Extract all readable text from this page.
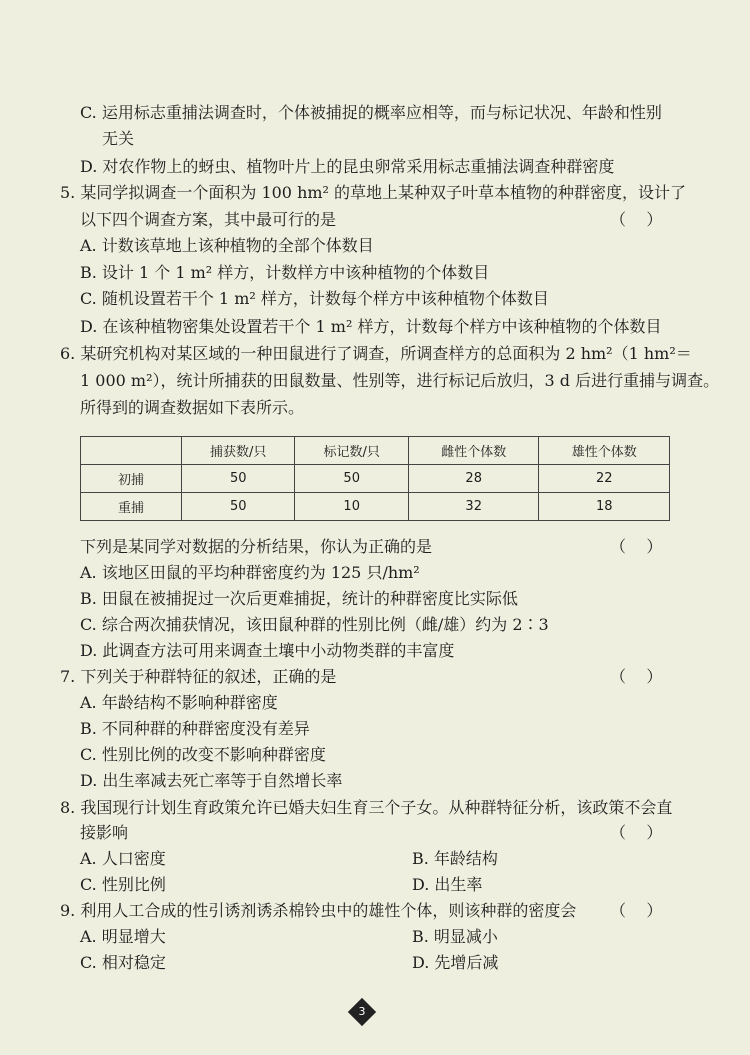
C. 运用标志重捕法调查时，个体被捕捉的概率应相等，而与标记状况、年龄和性别
无关
D. 对农作物上的蚜虫、植物叶片上的昆虫卵常采用标志重捕法调查种群密度
5. 某同学拟调查一个面积为 100 hm² 的草地上某种双子叶草本植物的种群密度，设计了
以下四个调查方案，其中最可行的是	（    ）
A. 计数该草地上该种植物的全部个体数目
B. 设计 1 个 1 m² 样方，计数样方中该种植物的个体数目
C. 随机设置若干个 1 m² 样方，计数每个样方中该种植物个体数目
D. 在该种植物密集处设置若干个 1 m² 样方，计数每个样方中该种植物的个体数目
6. 某研究机构对某区域的一种田鼠进行了调查，所调查样方的总面积为 2 hm²（1 hm²＝
1 000 m²），统计所捕获的田鼠数量、性别等，进行标记后放归，3 d 后进行重捕与调查。
所得到的调查数据如下表所示。
	捕获数/只	标记数/只	雌性个体数	雄性个体数
初捕	50	50	28	22
重捕	50	10	32	18
下列是某同学对数据的分析结果，你认为正确的是	（    ）
A. 该地区田鼠的平均种群密度约为 125 只/hm²
B. 田鼠在被捕捉过一次后更难捕捉，统计的种群密度比实际低
C. 综合两次捕获情况，该田鼠种群的性别比例（雌/雄）约为 2∶3
D. 此调查方法可用来调查土壤中小动物类群的丰富度
7. 下列关于种群特征的叙述，正确的是	（    ）
A. 年龄结构不影响种群密度
B. 不同种群的种群密度没有差异
C. 性别比例的改变不影响种群密度
D. 出生率减去死亡率等于自然增长率
8. 我国现行计划生育政策允许已婚夫妇生育三个子女。从种群特征分析，该政策不会直
接影响	（    ）
A. 人口密度	B. 年龄结构
C. 性别比例	D. 出生率
9. 利用人工合成的性引诱剂诱杀棉铃虫中的雄性个体，则该种群的密度会 （    ）
A. 明显增大	B. 明显减小
C. 相对稳定	D. 先增后减
3
